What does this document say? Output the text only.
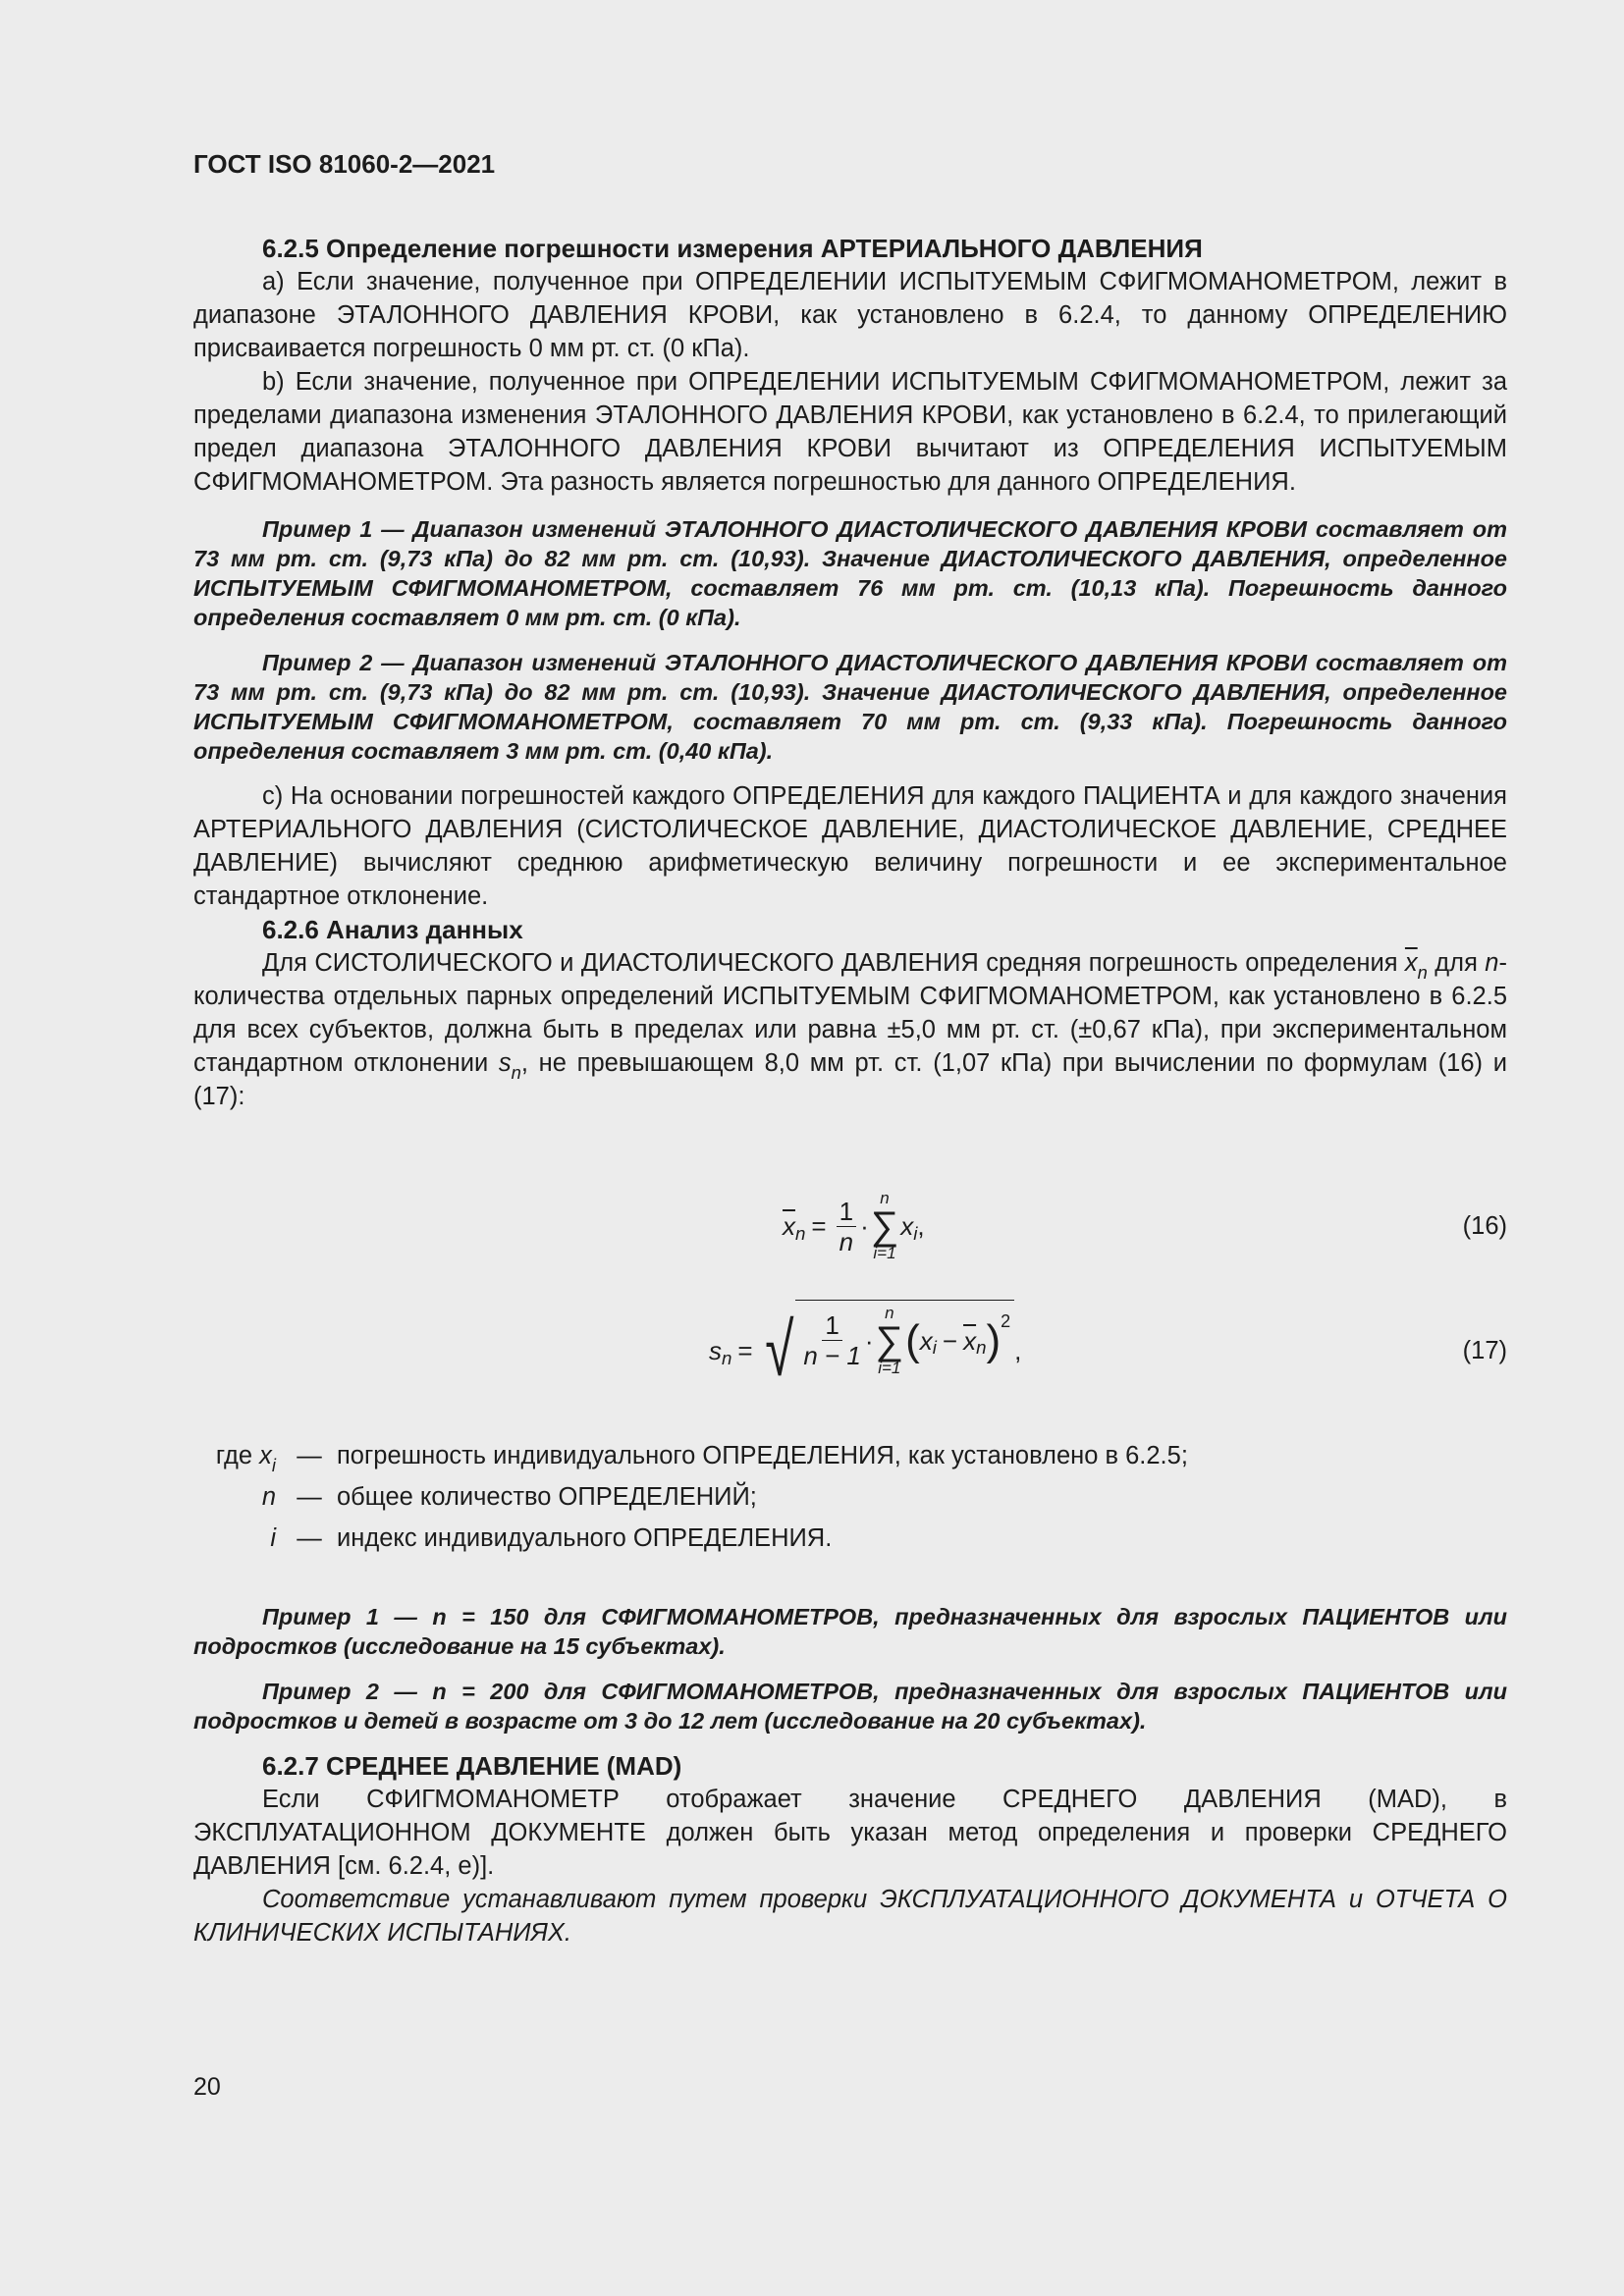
ГОСТ ISO 81060-2—2021
6.2.5 Определение погрешности измерения АРТЕРИАЛЬНОГО ДАВЛЕНИЯ

a) Если значение, полученное при ОПРЕДЕЛЕНИИ ИСПЫТУЕМЫМ СФИГМОМАНОМЕТРОМ, лежит в диапазоне ЭТАЛОННОГО ДАВЛЕНИЯ КРОВИ, как установлено в 6.2.4, то данному ОПРЕДЕЛЕНИЮ присваивается погрешность 0 мм рт. ст. (0 кПа).

b) Если значение, полученное при ОПРЕДЕЛЕНИИ ИСПЫТУЕМЫМ СФИГМОМАНОМЕТРОМ, лежит за пределами диапазона изменения ЭТАЛОННОГО ДАВЛЕНИЯ КРОВИ, как установлено в 6.2.4, то прилегающий предел диапазона ЭТАЛОННОГО ДАВЛЕНИЯ КРОВИ вычитают из ОПРЕДЕЛЕНИЯ ИСПЫТУЕМЫМ СФИГМОМАНОМЕТРОМ. Эта разность является погрешностью для данного ОПРЕДЕЛЕНИЯ.

Пример 1 — Диапазон изменений ЭТАЛОННОГО ДИАСТОЛИЧЕСКОГО ДАВЛЕНИЯ КРОВИ составляет от 73 мм рт. ст. (9,73 кПа) до 82 мм рт. ст. (10,93). Значение ДИАСТОЛИЧЕСКОГО ДАВЛЕНИЯ, определенное ИСПЫТУЕМЫМ СФИГМОМАНОМЕТРОМ, составляет 76 мм рт. ст. (10,13 кПа). Погрешность данного определения составляет 0 мм рт. ст. (0 кПа).

Пример 2 — Диапазон изменений ЭТАЛОННОГО ДИАСТОЛИЧЕСКОГО ДАВЛЕНИЯ КРОВИ составляет от 73 мм рт. ст. (9,73 кПа) до 82 мм рт. ст. (10,93). Значение ДИАСТОЛИЧЕСКОГО ДАВЛЕНИЯ, определенное ИСПЫТУЕМЫМ СФИГМОМАНОМЕТРОМ, составляет 70 мм рт. ст. (9,33 кПа). Погрешность данного определения составляет 3 мм рт. ст. (0,40 кПа).

c) На основании погрешностей каждого ОПРЕДЕЛЕНИЯ для каждого ПАЦИЕНТА и для каждого значения АРТЕРИАЛЬНОГО ДАВЛЕНИЯ (СИСТОЛИЧЕСКОЕ ДАВЛЕНИЕ, ДИАСТОЛИЧЕСКОЕ ДАВЛЕНИЕ, СРЕДНЕЕ ДАВЛЕНИЕ) вычисляют среднюю арифметическую величину погрешности и ее экспериментальное стандартное отклонение.

6.2.6 Анализ данных

Для СИСТОЛИЧЕСКОГО и ДИАСТОЛИЧЕСКОГО ДАВЛЕНИЯ средняя погрешность определения $\overline{x}_n$ для n-количества отдельных парных определений ИСПЫТУЕМЫМ СФИГМОМАНОМЕТРОМ, как установлено в 6.2.5 для всех субъектов, должна быть в пределах или равна ±5,0 мм рт. ст. (±0,67 кПа), при экспериментальном стандартном отклонении $s_n$, не превышающем 8,0 мм рт. ст. (1,07 кПа) при вычислении по формулам (16) и (17):

$\overline{x}$ $n = \frac{1}{n}$ ·
n
∑
i=1
x i ,	(16)
s n = √ $\frac{1}{n - 1}$ ·
n
∑
i=1
( x $i - \overline{x}$ n ) 2
,	(17)
где $x_i$ — погрешность индивидуального ОПРЕДЕЛЕНИЯ, как установлено в 6.2.5;
n — общее количество ОПРЕДЕЛЕНИЙ;
i — индекс индивидуального ОПРЕДЕЛЕНИЯ.

Пример 1 — n = 150 для СФИГМОМАНОМЕТРОВ, предназначенных для взрослых ПАЦИЕНТОВ или подростков (исследование на 15 субъектах).

Пример 2 — n = 200 для СФИГМОМАНОМЕТРОВ, предназначенных для взрослых ПАЦИЕНТОВ или подростков и детей в возрасте от 3 до 12 лет (исследование на 20 субъектах).

6.2.7 СРЕДНЕЕ ДАВЛЕНИЕ (MAD)

Если СФИГМОМАНОМЕТР отображает значение СРЕДНЕГО ДАВЛЕНИЯ (MAD), в ЭКСПЛУАТАЦИОННОМ ДОКУМЕНТЕ должен быть указан метод определения и проверки СРЕДНЕГО ДАВЛЕНИЯ [см. 6.2.4, e)].

Соответствие устанавливают путем проверки ЭКСПЛУАТАЦИОННОГО ДОКУМЕНТА и ОТЧЕТА О КЛИНИЧЕСКИХ ИСПЫТАНИЯХ.

20
